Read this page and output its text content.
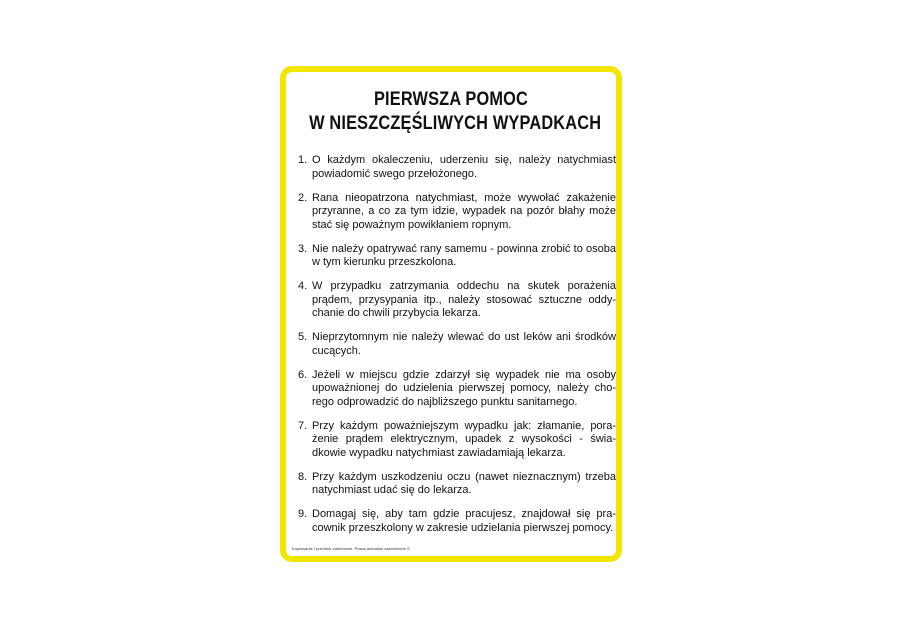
PIERWSZA POMOC
W NIESZCZĘŚLIWYCH WYPADKACH
1. O każdym okaleczeniu, uderzeniu się, należy natychmiast powiadomić swego przełożonego.
2. Rana nieopatrzona natychmiast, może wywołać zakażenie przyranne, a co za tym idzie, wypadek na pozór błahy może stać się poważnym powikłaniem ropnym.
3. Nie należy opatrywać rany samemu - powinna zrobić to osoba w tym kierunku przeszkolona.
4. W przypadku zatrzymania oddechu na skutek porażenia prądem, przysypania itp., należy stosować sztuczne oddy-chanie do chwili przybycia lekarza.
5. Nieprzytomnym nie należy wlewać do ust leków ani środków cucących.
6. Jeżeli w miejscu gdzie zdarzył się wypadek nie ma osoby upoważnionej do udzielenia pierwszej pomocy, należy cho-rego odprowadzić do najbliższego punktu sanitarnego.
7. Przy każdym poważniejszym wypadku jak: złamanie, pora-żenie prądem elektrycznym, upadek z wysokości - świa-dkowie wypadku natychmiast zawiadamiają lekarza.
8. Przy każdym uszkodzeniu oczu (nawet nieznacznym) trzeba natychmiast udać się do lekarza.
9. Domagaj się, aby tam gdzie pracujesz, znajdował się pra-cownik przeszkolony w zakresie udzielania pierwszej pomocy.
Kopiowanie i przedruk zabronione. Prawa autorskie zastrzeżone ©.
